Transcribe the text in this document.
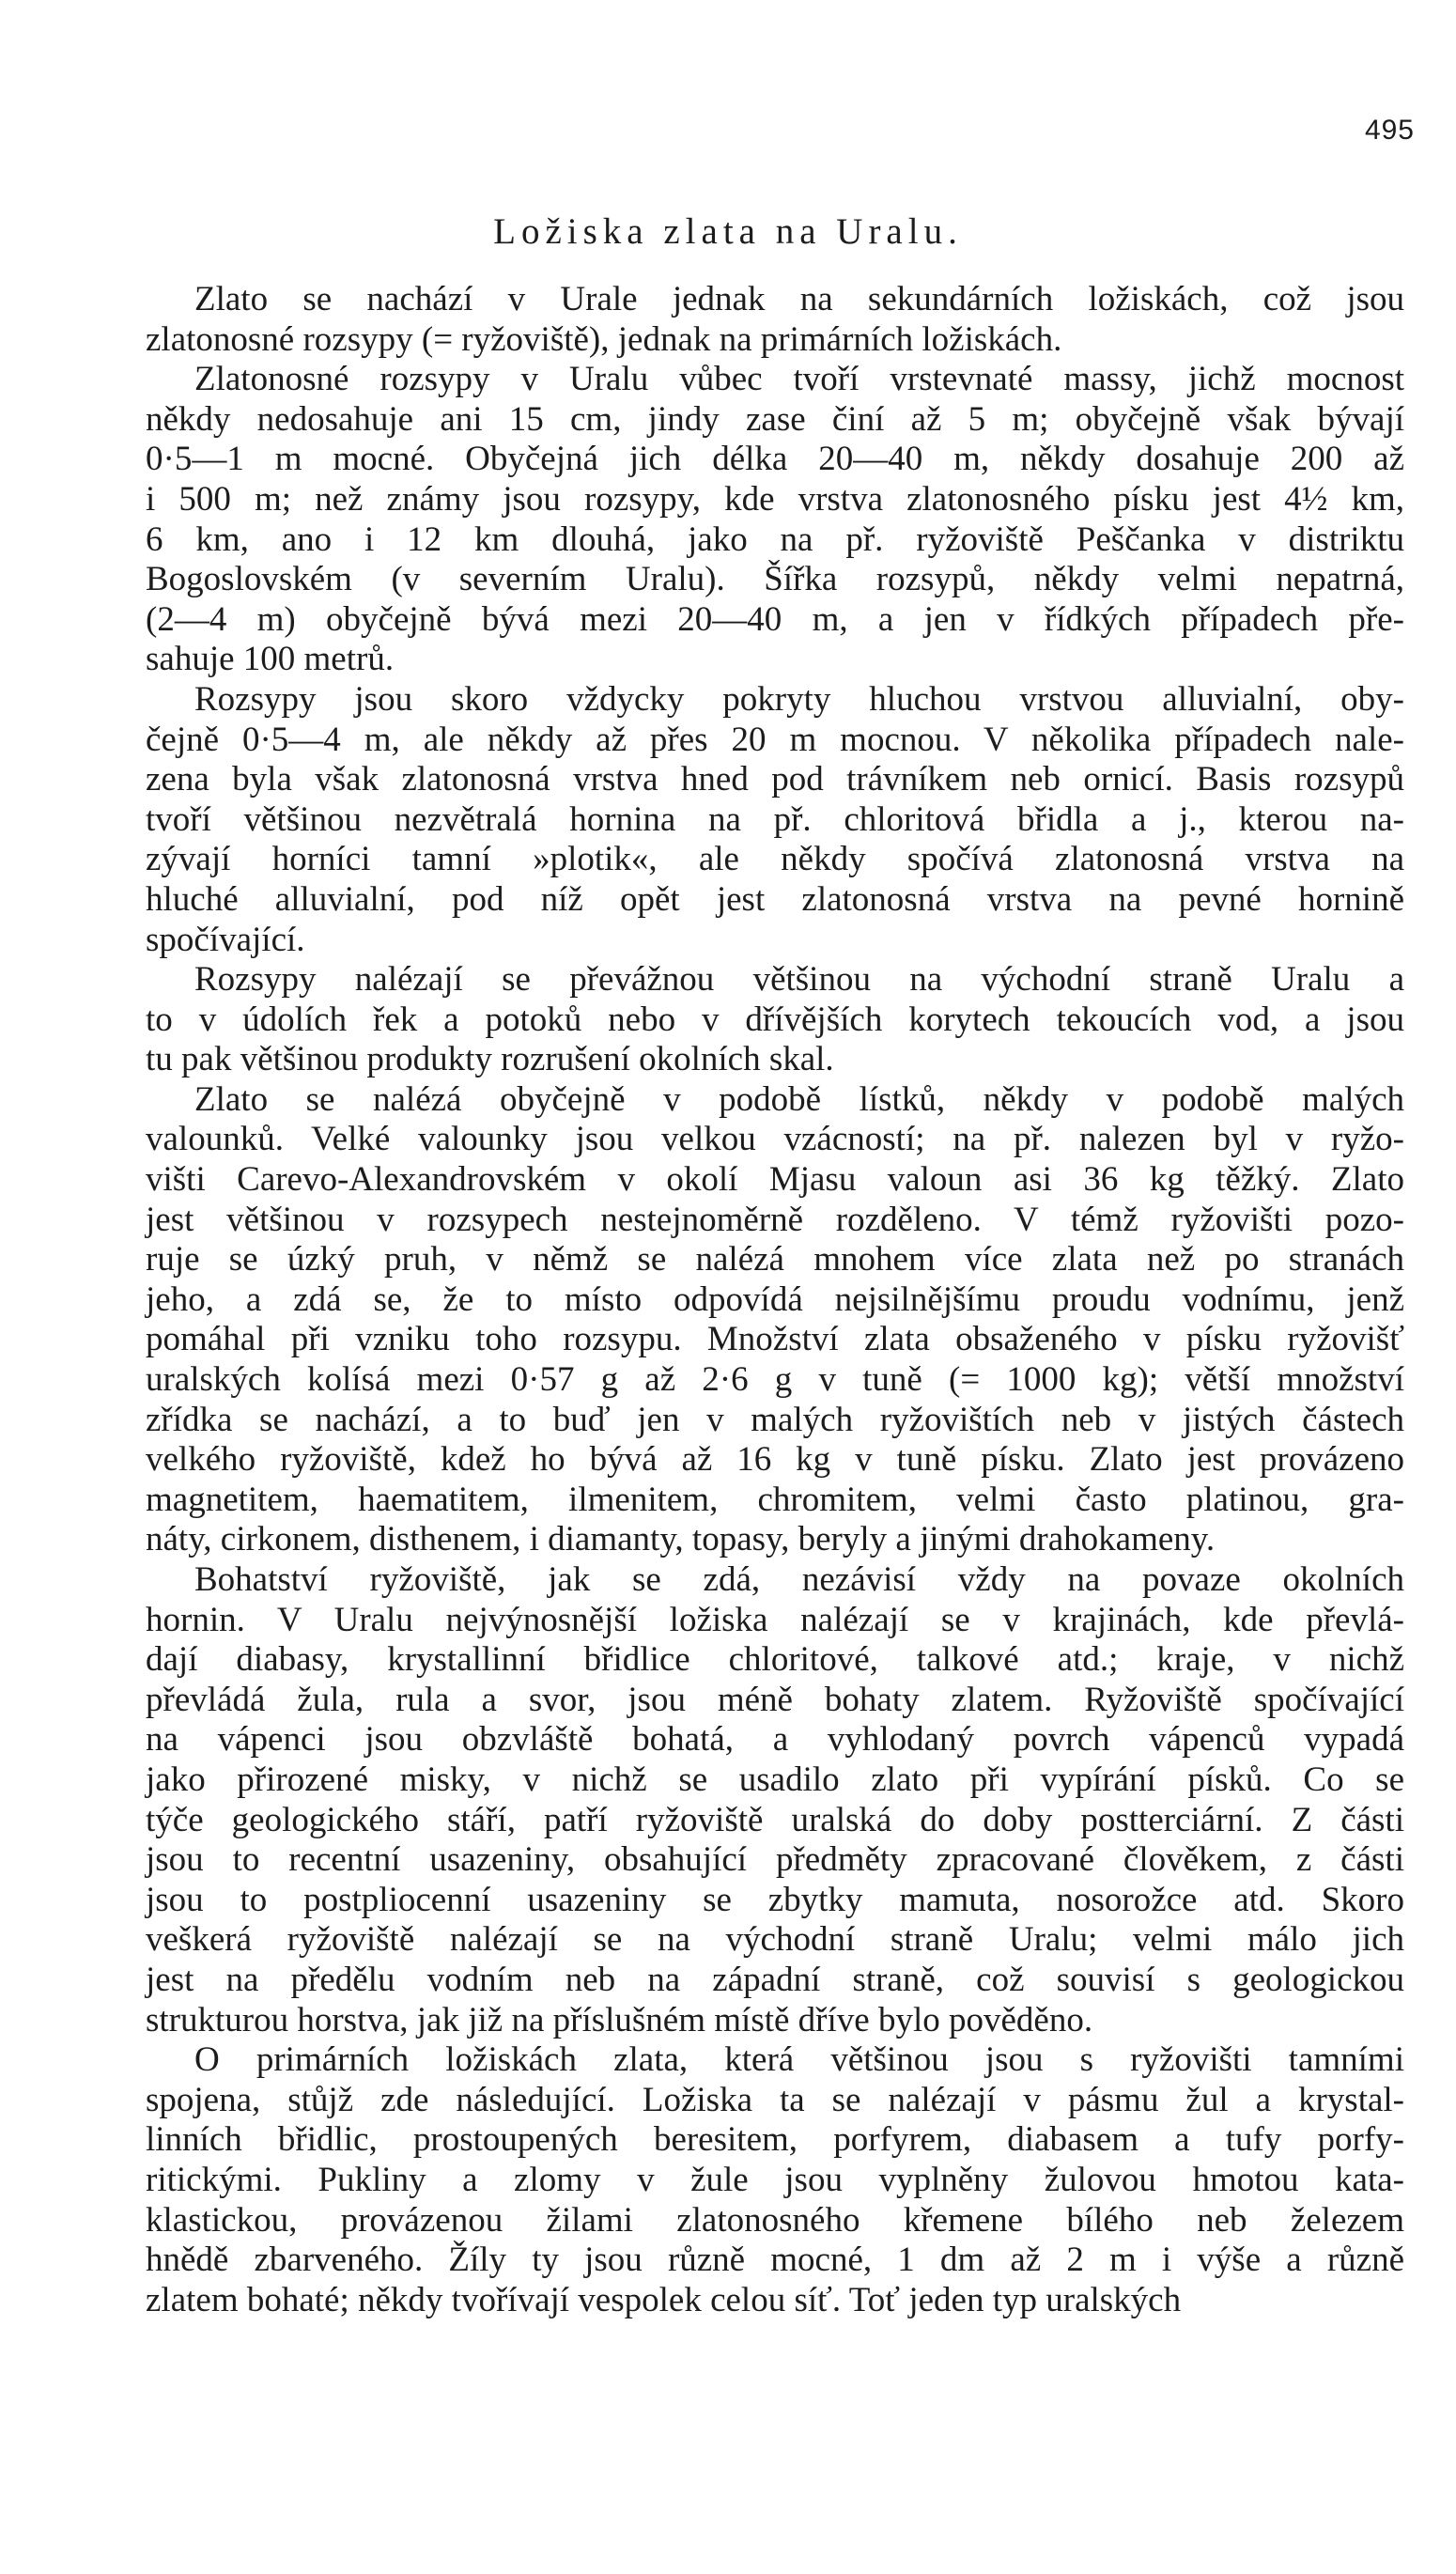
495
Ložiska zlata na Uralu.

Zlato se nachází v Urale jednak na sekundárních ložiskách, což jsou
zlatonosné rozsypy (= ryžoviště), jednak na primárních ložiskách.

Zlatonosné rozsypy v Uralu vůbec tvoří vrstevnaté massy, jichž mocnost
někdy nedosahuje ani 15 cm, jindy zase činí až 5 m; obyčejně však bývají
0·5—1 m mocné. Obyčejná jich délka 20—40 m, někdy dosahuje 200 až
i 500 m; než známy jsou rozsypy, kde vrstva zlatonosného písku jest 4½ km,
6 km, ano i 12 km dlouhá, jako na př. ryžoviště Peščanka v distriktu
Bogoslovském (v severním Uralu). Šířka rozsypů, někdy velmi nepatrná,
(2—4 m) obyčejně bývá mezi 20—40 m, a jen v řídkých případech pře-
sahuje 100 metrů.

Rozsypy jsou skoro vždycky pokryty hluchou vrstvou alluvialní, oby-
čejně 0·5—4 m, ale někdy až přes 20 m mocnou. V několika případech nale-
zena byla však zlatonosná vrstva hned pod trávníkem neb ornicí. Basis rozsypů
tvoří většinou nezvětralá hornina na př. chloritová břidla a j., kterou na-
zývají horníci tamní »plotik«, ale někdy spočívá zlatonosná vrstva na
hluché alluvialní, pod níž opět jest zlatonosná vrstva na pevné hornině
spočívající.

Rozsypy nalézají se převážnou většinou na východní straně Uralu a
to v údolích řek a potoků nebo v dřívějších korytech tekoucích vod, a jsou
tu pak většinou produkty rozrušení okolních skal.

Zlato se nalézá obyčejně v podobě lístků, někdy v podobě malých
valounků. Velké valounky jsou velkou vzácností; na př. nalezen byl v ryžo-
višti Carevo-Alexandrovském v okolí Mjasu valoun asi 36 kg těžký. Zlato
jest většinou v rozsypech nestejnoměrně rozděleno. V témž ryžovišti pozo-
ruje se úzký pruh, v němž se nalézá mnohem více zlata než po stranách
jeho, a zdá se, že to místo odpovídá nejsilnějšímu proudu vodnímu, jenž
pomáhal při vzniku toho rozsypu. Množství zlata obsaženého v písku ryžovišť
uralských kolísá mezi 0·57 g až 2·6 g v tuně (= 1000 kg); větší množství
zřídka se nachází, a to buď jen v malých ryžovištích neb v jistých částech
velkého ryžoviště, kdež ho bývá až 16 kg v tuně písku. Zlato jest provázeno
magnetitem, haematitem, ilmenitem, chromitem, velmi často platinou, gra-
náty, cirkonem, disthenem, i diamanty, topasy, beryly a jinými drahokameny.

Bohatství ryžoviště, jak se zdá, nezávisí vždy na povaze okolních
hornin. V Uralu nejvýnosnější ložiska nalézají se v krajinách, kde převlá-
dají diabasy, krystallinní břidlice chloritové, talkové atd.; kraje, v nichž
převládá žula, rula a svor, jsou méně bohaty zlatem. Ryžoviště spočívající
na vápenci jsou obzvláště bohatá, a vyhlodaný povrch vápenců vypadá
jako přirozené misky, v nichž se usadilo zlato při vypírání písků. Co se
týče geologického stáří, patří ryžoviště uralská do doby postterciární. Z části
jsou to recentní usazeniny, obsahující předměty zpracované člověkem, z části
jsou to postpliocenní usazeniny se zbytky mamuta, nosorožce atd. Skoro
veškerá ryžoviště nalézají se na východní straně Uralu; velmi málo jich
jest na předělu vodním neb na západní straně, což souvisí s geologickou
strukturou horstva, jak již na příslušném místě dříve bylo pověděno.

O primárních ložiskách zlata, která většinou jsou s ryžovišti tamními
spojena, stůjž zde následující. Ložiska ta se nalézají v pásmu žul a krystal-
linních břidlic, prostoupených beresitem, porfyrem, diabasem a tufy porfy-
ritickými. Pukliny a zlomy v žule jsou vyplněny žulovou hmotou kata-
klastickou, provázenou žilami zlatonosného křemene bílého neb železem
hnědě zbarveného. Žíly ty jsou různě mocné, 1 dm až 2 m i výše a různě
zlatem bohaté; někdy tvořívají vespolek celou síť. Toť jeden typ uralských
